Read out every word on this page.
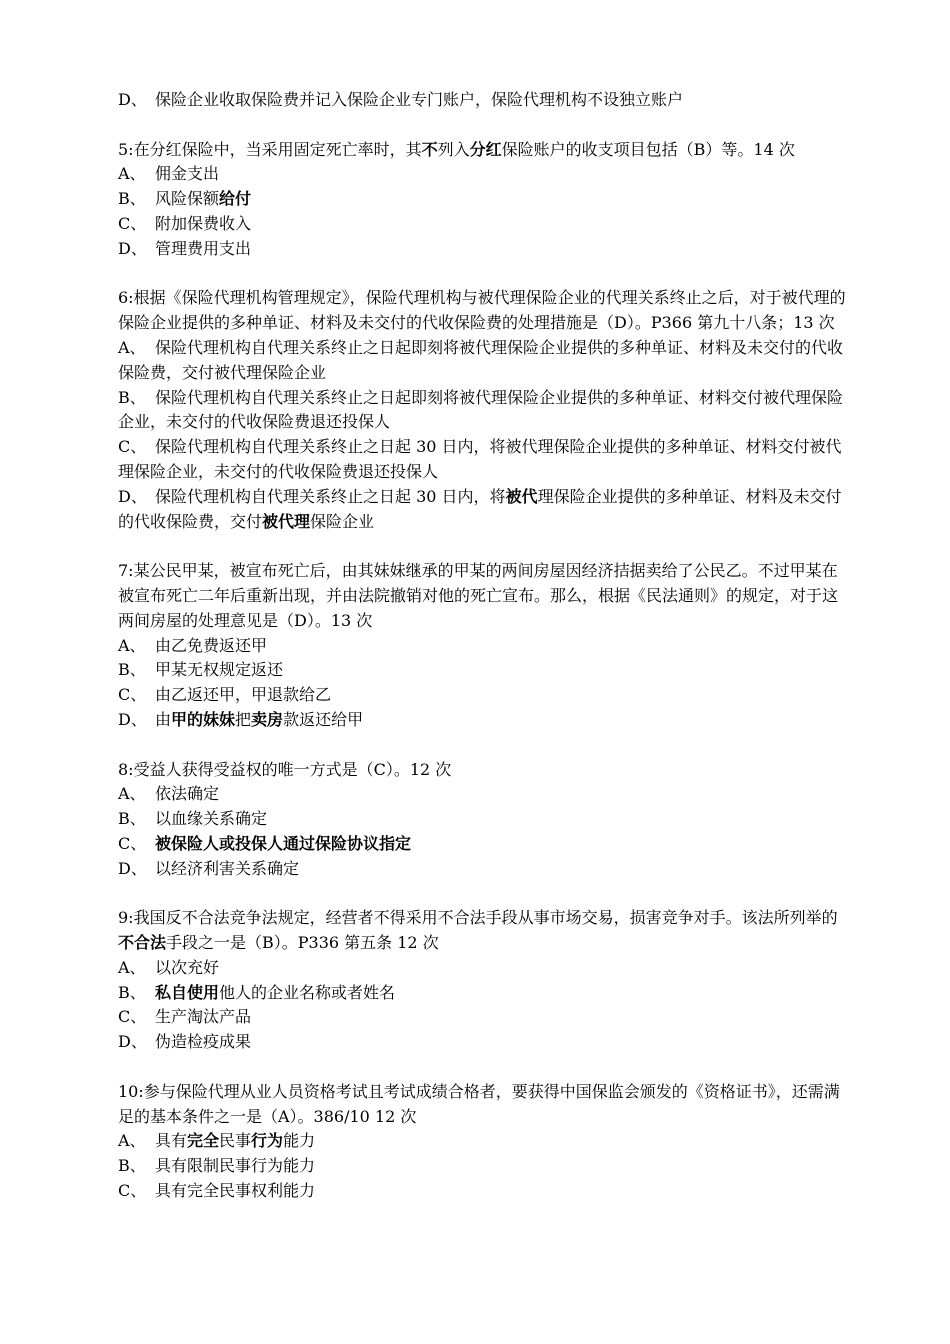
D、 保险企业收取保险费并记入保险企业专门账户，保险代理机构不设独立账户
5:在分红保险中，当采用固定死亡率时，其不列入分红保险账户的收支项目包括（B）等。14 次
A、 佣金支出
B、 风险保额给付
C、 附加保费收入
D、 管理费用支出
6:根据《保险代理机构管理规定》，保险代理机构与被代理保险企业的代理关系终止之后，对于被代理的保险企业提供的多种单证、材料及未交付的代收保险费的处理措施是（D）。P366 第九十八条；13 次
A、 保险代理机构自代理关系终止之日起即刻将被代理保险企业提供的多种单证、材料及未交付的代收保险费，交付被代理保险企业
B、 保险代理机构自代理关系终止之日起即刻将被代理保险企业提供的多种单证、材料交付被代理保险企业，未交付的代收保险费退还投保人
C、 保险代理机构自代理关系终止之日起 30 日内，将被代理保险企业提供的多种单证、材料交付被代理保险企业，未交付的代收保险费退还投保人
D、 保险代理机构自代理关系终止之日起 30 日内，将被代理保险企业提供的多种单证、材料及未交付的代收保险费，交付被代理保险企业
7:某公民甲某，被宣布死亡后，由其妹妹继承的甲某的两间房屋因经济拮据卖给了公民乙。不过甲某在被宣布死亡二年后重新出现，并由法院撤销对他的死亡宣布。那么，根据《民法通则》的规定，对于这两间房屋的处理意见是（D）。13 次
A、 由乙免费返还甲
B、 甲某无权规定返还
C、 由乙返还甲，甲退款给乙
D、 由甲的妹妹把卖房款返还给甲
8:受益人获得受益权的唯一方式是（C）。12 次
A、 依法确定
B、 以血缘关系确定
C、 被保险人或投保人通过保险协议指定
D、 以经济利害关系确定
9:我国反不合法竞争法规定，经营者不得采用不合法手段从事市场交易，损害竞争对手。该法所列举的不合法手段之一是（B）。P336 第五条 12 次
A、 以次充好
B、 私自使用他人的企业名称或者姓名
C、 生产淘汰产品
D、 伪造检疫成果
10:参与保险代理从业人员资格考试且考试成绩合格者，要获得中国保监会颁发的《资格证书》，还需满足的基本条件之一是（A）。386/10 12 次
A、 具有完全民事行为能力
B、 具有限制民事行为能力
C、 具有完全民事权利能力
